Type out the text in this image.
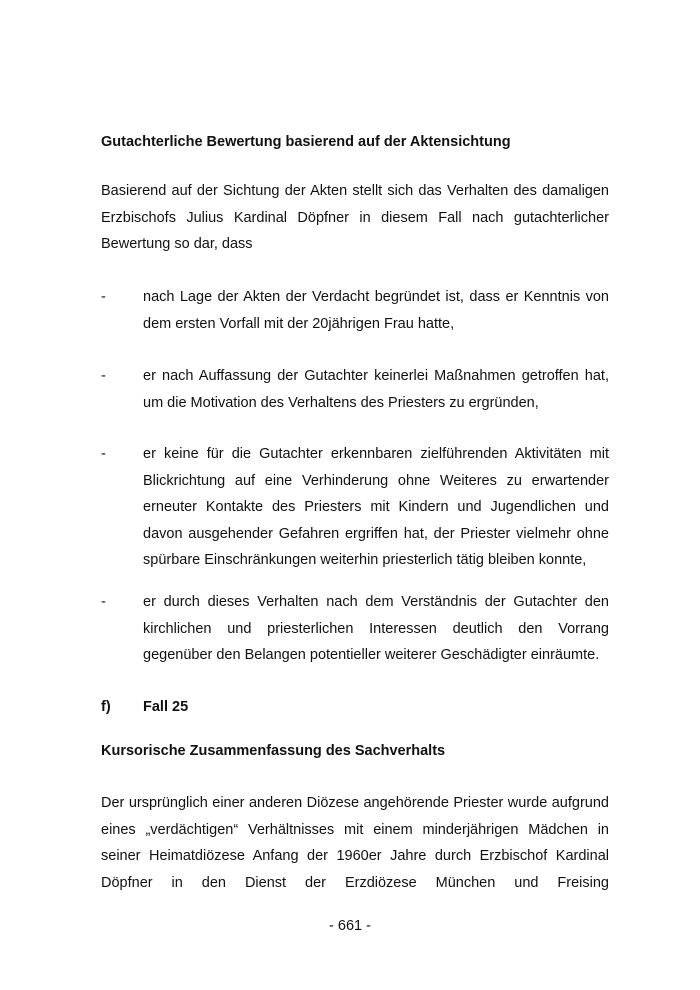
Gutachterliche Bewertung basierend auf der Aktensichtung

Basierend auf der Sichtung der Akten stellt sich das Verhalten des damaligen Erzbischofs Julius Kardinal Döpfner in diesem Fall nach gutachterlicher Bewertung so dar, dass

-	nach Lage der Akten der Verdacht begründet ist, dass er Kenntnis von dem ersten Vorfall mit der 20jährigen Frau hatte,

-	er nach Auffassung der Gutachter keinerlei Maßnahmen getroffen hat, um die Motivation des Verhaltens des Priesters zu ergründen,

-	er keine für die Gutachter erkennbaren zielführenden Aktivitäten mit Blickrichtung auf eine Verhinderung ohne Weiteres zu erwartender erneuter Kontakte des Priesters mit Kindern und Jugendlichen und davon ausgehender Gefahren ergriffen hat, der Priester vielmehr ohne spürbare Einschränkungen weiterhin priesterlich tätig bleiben konnte,

-	er durch dieses Verhalten nach dem Verständnis der Gutachter den kirchlichen und priesterlichen Interessen deutlich den Vorrang gegenüber den Belangen potentieller weiterer Geschädigter einräumte.

f) Fall 25
Kursorische Zusammenfassung des Sachverhalts

Der ursprünglich einer anderen Diözese angehörende Priester wurde aufgrund eines „verdächtigen“ Verhältnisses mit einem minderjährigen Mädchen in seiner Heimatdiözese Anfang der 1960er Jahre durch Erzbischof Kardinal Döpfner in den Dienst der Erzdiözese München und Freising

- 661 -
